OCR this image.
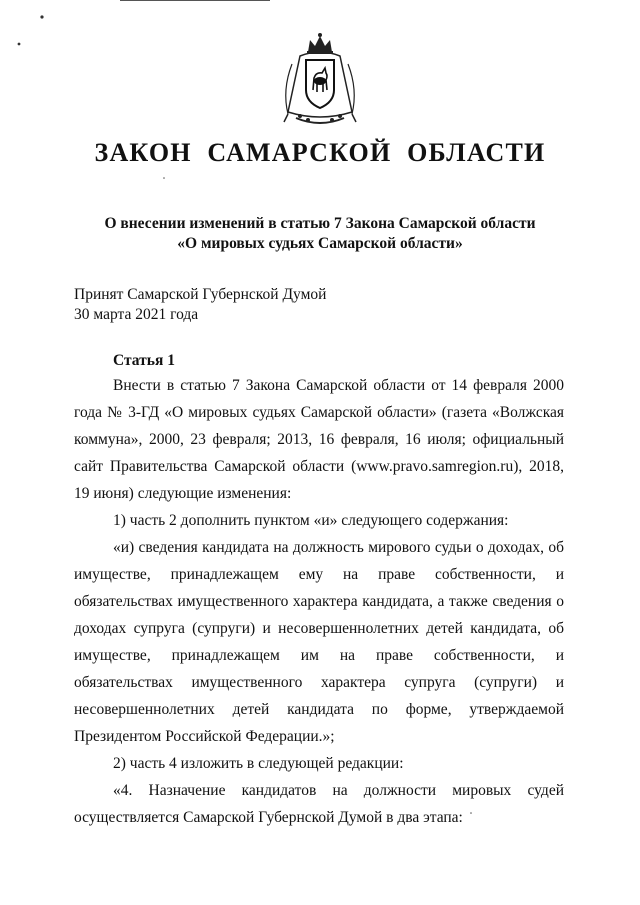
ЗАКОН САМАРСКОЙ ОБЛАСТИ
О внесении изменений в статью 7 Закона Самарской области
«О мировых судьях Самарской области»
Принят Самарской Губернской Думой
30 марта 2021 года
Статья 1

Внести в статью 7 Закона Самарской области от 14 февраля 2000 года № 3-ГД «О мировых судьях Самарской области» (газета «Волжская коммуна», 2000, 23 февраля; 2013, 16 февраля, 16 июля; официальный сайт Правительства Самарской области (www.pravo.samregion.ru), 2018, 19 июня) следующие изменения:

1) часть 2 дополнить пунктом «и» следующего содержания:

«и) сведения кандидата на должность мирового судьи о доходах, об имуществе, принадлежащем ему на праве собственности, и обязательствах имущественного характера кандидата, а также сведения о доходах супруга (супруги) и несовершеннолетних детей кандидата, об имуществе, принадлежащем им на праве собственности, и обязательствах имущественного характера супруга (супруги) и несовершеннолетних детей кандидата по форме, утверждаемой Президентом Российской Федерации.»;

2) часть 4 изложить в следующей редакции:

«4. Назначение кандидатов на должности мировых судей осуществляется Самарской Губернской Думой в два этапа:
